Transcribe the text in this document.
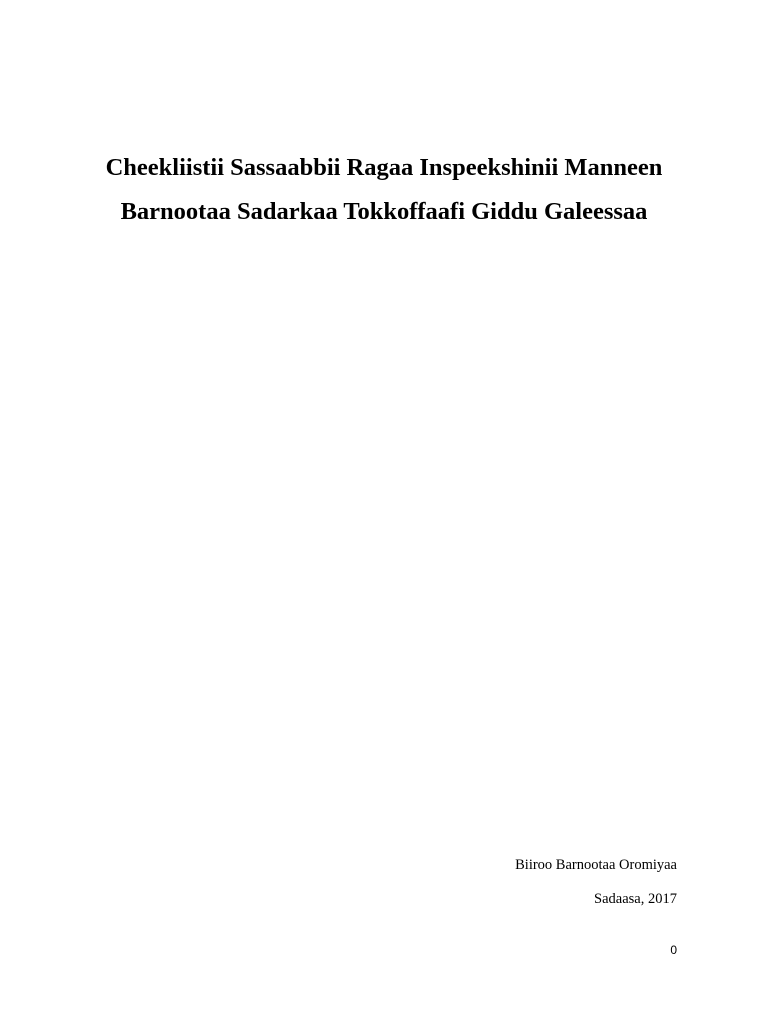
Cheekliistii Sassaabbii Ragaa Inspeekshinii Manneen

Barnootaa Sadarkaa Tokkoffaafi Giddu Galeessaa

Biiroo Barnootaa Oromiyaa

Sadaasa, 2017

0
